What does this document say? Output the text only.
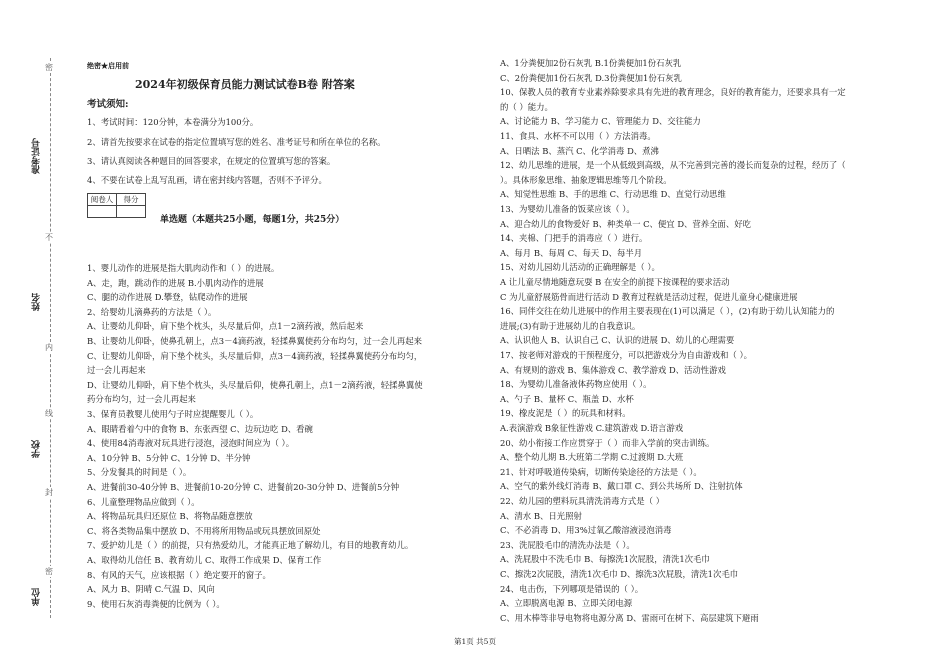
准考证号
姓名
学校
单位
密
不
内
线
封
密
绝密★启用前
2024年初级保育员能力测试试卷B卷 附答案
考试须知:
1、考试时间：120分钟，本卷满分为100分。
2、请首先按要求在试卷的指定位置填写您的姓名、准考证号和所在单位的名称。
3、请认真阅读各种题目的回答要求，在规定的位置填写您的答案。
4、不要在试卷上乱写乱画，请在密封线内答题，否则不予评分。
阅卷人	得分

单选题（本题共25小题，每题1分，共25分）
1、婴儿动作的进展是指大肌肉动作和（ ）的进展。
A、走，跑，跳动作的进展 B.小肌肉动作的进展
C、腿的动作进展 D.攀登，钻爬动作的进展
2、给婴幼儿滴鼻药的方法是（ ）。
A、让婴幼儿仰卧，肩下垫个枕头，头尽量后仰，点1－2滴药液，然后起来
B、让婴幼儿仰卧，使鼻孔朝上，点3－4滴药液，轻揉鼻翼使药分布均匀，过一会儿再起来
C、让婴幼儿仰卧，肩下垫个枕头，头尽量后仰，点3－4滴药液，轻揉鼻翼使药分布均匀，
过一会儿再起来
D、让婴幼儿仰卧，肩下垫个枕头，头尽量后仰，使鼻孔朝上，点1－2滴药液，轻揉鼻翼使
药分布均匀，过一会儿再起来
3、保育员教婴儿使用勺子时应提醒婴儿（ ）。
A、眼睛看着勺中的食物 B、东张西望 C、边玩边吃 D、看碗
4、使用84消毒液对玩具进行浸泡，浸泡时间应为（ ）。
A、10分钟 B、5分钟 C、1分钟 D、半分钟
5、分发餐具的时间是（ ）。
A、进餐前30-40分钟 B、进餐前10-20分钟 C、进餐前20-30分钟 D、进餐前5分钟
6、儿童整理物品应做到（ ）。
A、将物品玩具归还原位 B、将物品随意摆放
C、将各类物品集中摆放 D、不用将所用物品或玩具摆放回原处
7、爱护幼儿是（ ）的前提，只有热爱幼儿，才能真正地了解幼儿，有目的地教育幼儿。
A、取得幼儿信任 B、教育幼儿 C、取得工作成果 D、保育工作
8、有风的天气，应该根据（ ）绝定要开的窗子。
A、风力 B、阴晴 C.气温 D、风向
9、使用石灰消毒粪便的比例为（ ）。
A、1分粪便加2份石灰乳 B.1份粪便加1份石灰乳
C、2份粪便加1份石灰乳 D.3份粪便加1份石灰乳
10、保教人员的教育专业素养除要求具有先进的教育理念，良好的教育能力，还要求具有一定
的（ ）能力。
A、讨论能力 B、学习能力 C、管理能力 D、交往能力
11、食具、水杯不可以用（ ）方法消毒。
A、日晒法 B、蒸汽 C、化学消毒 D、煮沸
12、幼儿思维的进展，是一个从低级到高级，从不完善到完善的漫长而复杂的过程，经历了（
）。具体形象思维、抽象逻辑思维等几个阶段。
A、知觉性思维 B、手的思维 C、行动思维 D、直觉行动思维
13、为婴幼儿准备的饭菜应该（ ）。
A、迎合幼儿的食物爱好 B、种类单一 C、便宜 D、营养全面、好吃
14、夹棉、门把手的消毒应（ ）进行。
A、每月 B、每周 C、每天 D、每半月
15、对幼儿园幼儿活动的正确理解是（ ）。
A 让儿童尽情地随意玩耍 B 在安全的前提下按课程的要求活动
C 为儿童舒展筋骨而进行活动 D 教育过程就是活动过程，促进儿童身心健康进展
16、同伴交往在幼儿进展中的作用主要表现在(1)可以满足（ ），(2)有助于幼儿认知能力的
进展;(3)有助于进展幼儿的自我意识。
A、认识他人 B、认识自己 C、认识的进展 D、幼儿的心理需要
17、按老师对游戏的干预程度分，可以把游戏分为自由游戏和（ ）。
A、有规则的游戏 B、集体游戏 C、教学游戏 D、活动性游戏
18、为婴幼儿准备液体药物应使用（ ）。
A、勺子 B、量杯 C、瓶盖 D、水杯
19、橡皮泥是（ ）的玩具和材料。
A.表演游戏 B象征性游戏 C.建筑游戏 D.语言游戏
20、幼小衔接工作应贯穿于（ ）而非入学前的突击训练。
A、整个幼儿期 B.大班第二学期 C.过渡期 D.大班
21、针对呼吸道传染病，切断传染途径的方法是（ ）。
A、空气的紫外线灯消毒 B、戴口罩 C、到公共场所 D、注射抗体
22、幼儿园的塑料玩具清洗消毒方式是（ ）
A、清水 B、日光照射
C、不必消毒 D、用3%过氧乙酸溶液浸泡消毒
23、洗屁股毛巾的清洗办法是（ ）。
A、洗屁股中不洗毛巾 B、每擦洗1次屁股，清洗1次毛巾
C、擦洗2次屁股，清洗1次毛巾 D、擦洗3次屁股，清洗1次毛巾
24、电击伤，下列哪项是错误的（ ）。
A、立即脱离电源 B、立即关闭电源
C、用木棒等非导电物将电源分离 D、雷雨可在树下、高层建筑下避雨
第1页 共5页
